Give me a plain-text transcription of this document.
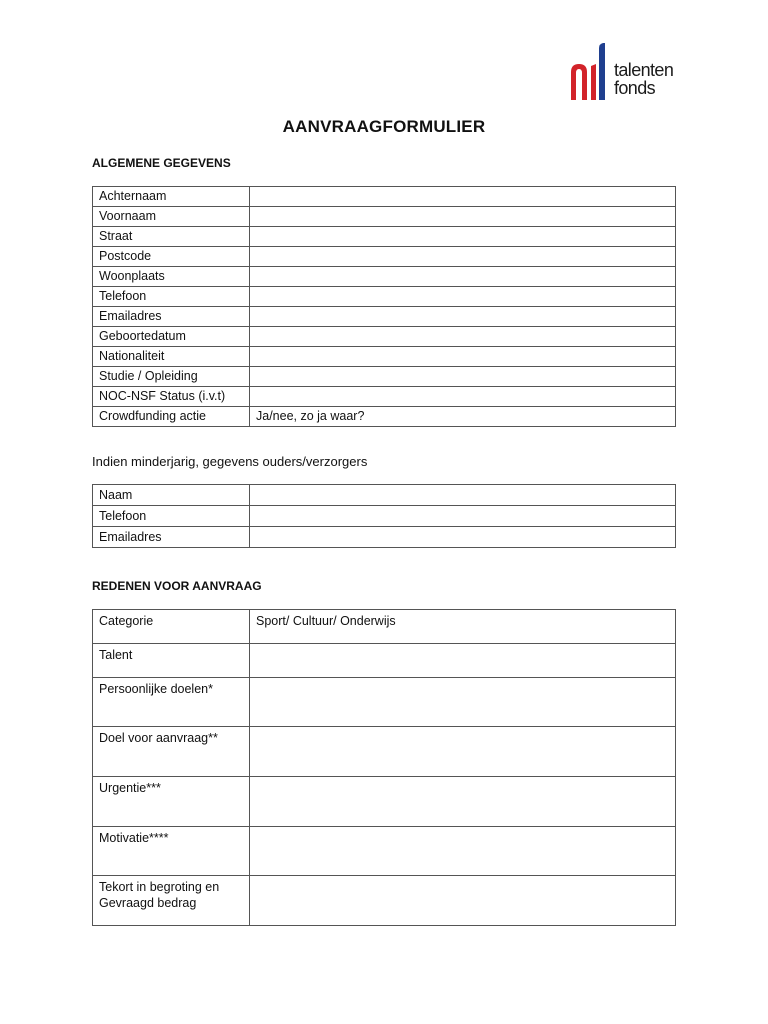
talenten
fonds
AANVRAAGFORMULIER
ALGEMENE GEGEVENS
Achternaam	
Voornaam	
Straat	
Postcode	
Woonplaats	
Telefoon	
Emailadres	
Geboortedatum	
Nationaliteit	
Studie / Opleiding	
NOC-NSF Status (i.v.t)	
Crowdfunding actie	Ja/nee, zo ja waar?
Indien minderjarig, gegevens ouders/verzorgers
Naam	
Telefoon	
Emailadres	
REDENEN VOOR AANVRAAG
Categorie	Sport/ Cultuur/ Onderwijs
Talent	
Persoonlijke doelen*	
Doel voor aanvraag**	
Urgentie***	
Motivatie****	
Tekort in begroting en Gevraagd bedrag	
